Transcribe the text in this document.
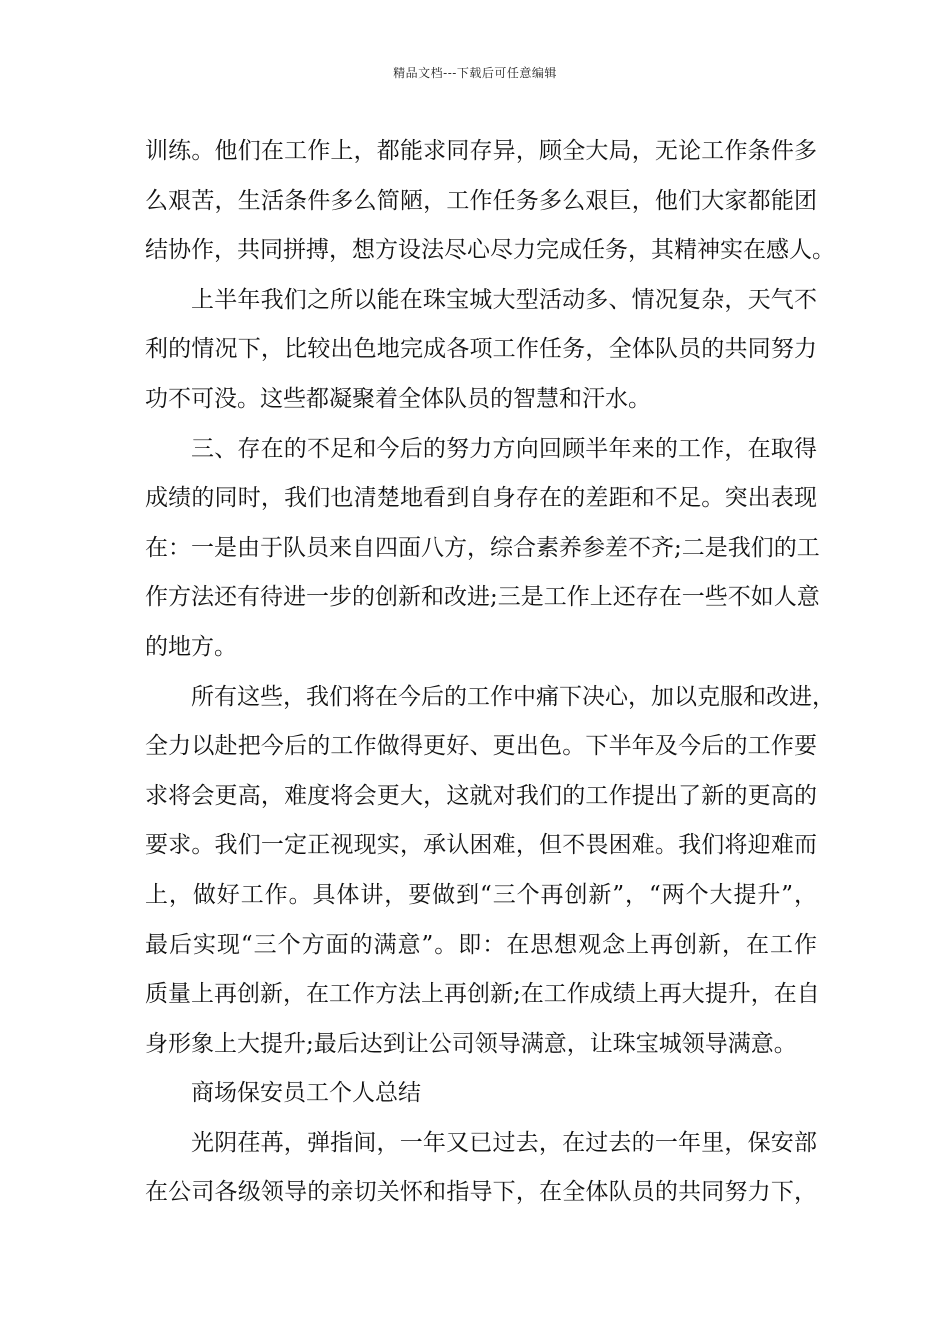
精品文档---下载后可任意编辑
训练。他们在工作上，都能求同存异，顾全大局，无论工作条件多
么艰苦，生活条件多么简陋，工作任务多么艰巨，他们大家都能团
结协作，共同拼搏，想方设法尽心尽力完成任务，其精神实在感人。
上半年我们之所以能在珠宝城大型活动多、情况复杂，天气不
利的情况下，比较出色地完成各项工作任务，全体队员的共同努力
功不可没。这些都凝聚着全体队员的智慧和汗水。
三、存在的不足和今后的努力方向回顾半年来的工作，在取得
成绩的同时，我们也清楚地看到自身存在的差距和不足。突出表现
在：一是由于队员来自四面八方，综合素养参差不齐;二是我们的工
作方法还有待进一步的创新和改进;三是工作上还存在一些不如人意
的地方。
所有这些，我们将在今后的工作中痛下决心，加以克服和改进，
全力以赴把今后的工作做得更好、更出色。下半年及今后的工作要
求将会更高，难度将会更大，这就对我们的工作提出了新的更高的
要求。我们一定正视现实，承认困难，但不畏困难。我们将迎难而
上，做好工作。具体讲，要做到“三个再创新”，“两个大提升”，
最后实现“三个方面的满意”。即：在思想观念上再创新，在工作
质量上再创新，在工作方法上再创新;在工作成绩上再大提升，在自
身形象上大提升;最后达到让公司领导满意，让珠宝城领导满意。
商场保安员工个人总结
光阴荏苒，弹指间，一年又已过去，在过去的一年里，保安部
在公司各级领导的亲切关怀和指导下，在全体队员的共同努力下，
